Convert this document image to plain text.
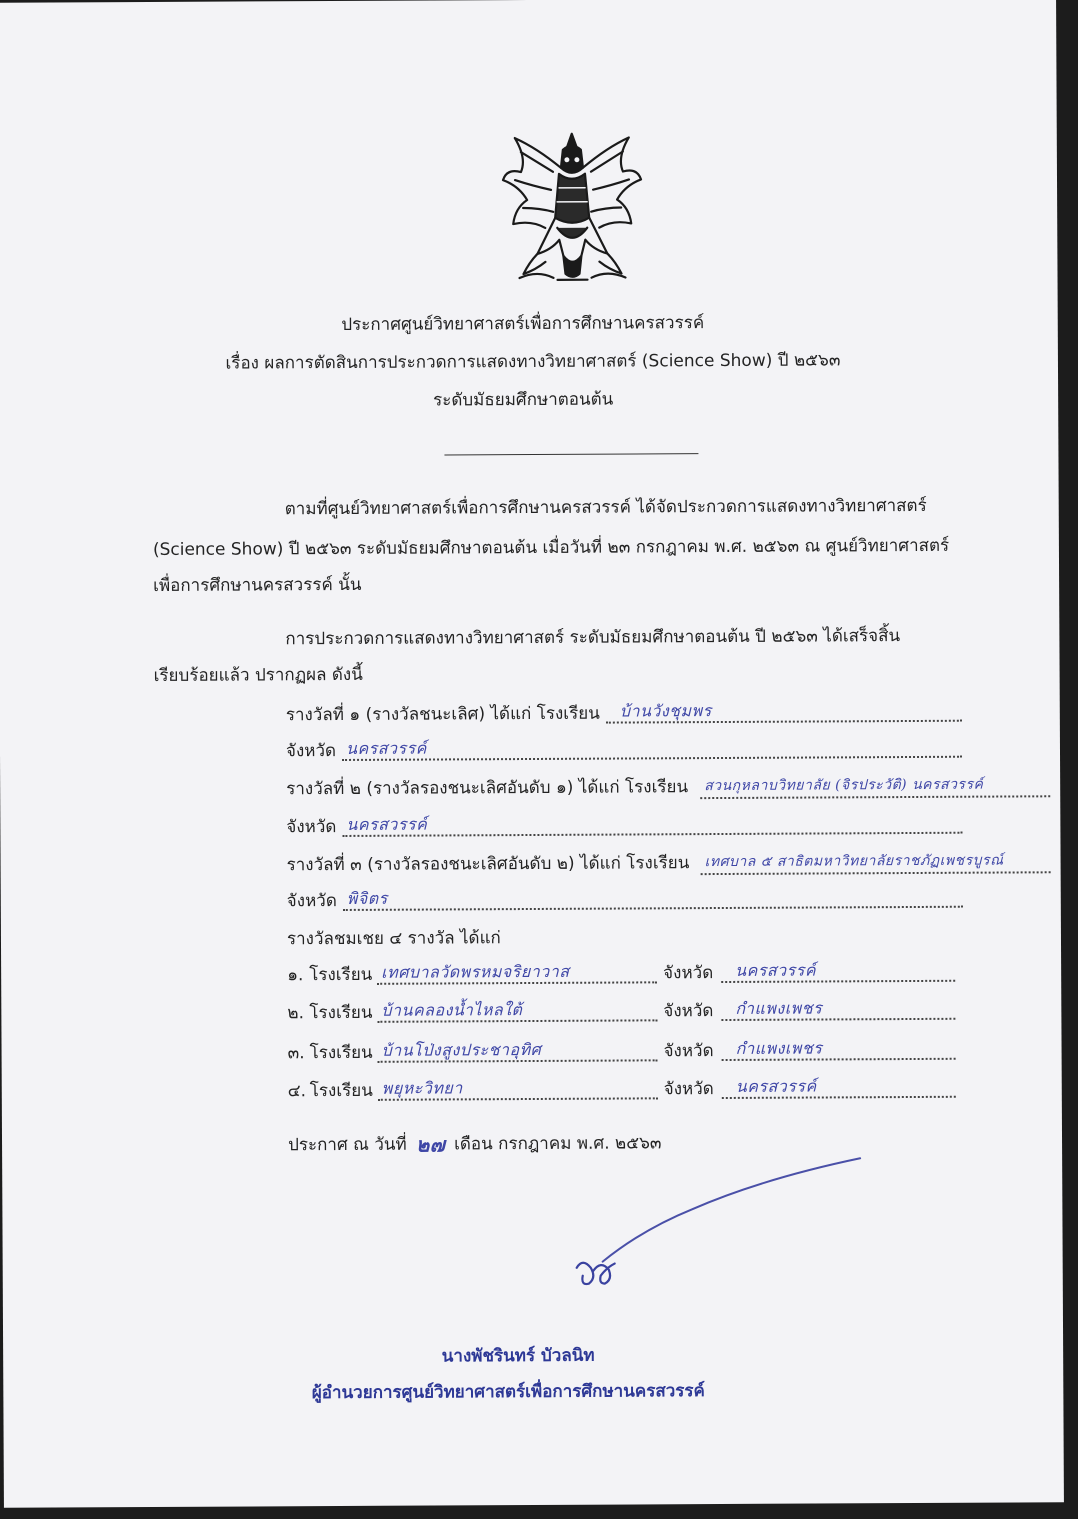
ประกาศศูนย์วิทยาศาสตร์เพื่อการศึกษานครสวรรค์
เรื่อง ผลการตัดสินการประกวดการแสดงทางวิทยาศาสตร์ (Science Show) ปี ๒๕๖๓
ระดับมัธยมศึกษาตอนต้น
ตามที่ศูนย์วิทยาศาสตร์เพื่อการศึกษานครสวรรค์ ได้จัดประกวดการแสดงทางวิทยาศาสตร์
(Science Show) ปี ๒๕๖๓ ระดับมัธยมศึกษาตอนต้น เมื่อวันที่ ๒๓ กรกฎาคม พ.ศ. ๒๕๖๓ ณ ศูนย์วิทยาศาสตร์
เพื่อการศึกษานครสวรรค์ นั้น
การประกวดการแสดงทางวิทยาศาสตร์ ระดับมัธยมศึกษาตอนต้น ปี ๒๕๖๓ ได้เสร็จสิ้น
เรียบร้อยแล้ว ปรากฏผล ดังนี้
รางวัลที่ ๑ (รางวัลชนะเลิศ) ได้แก่ โรงเรียน บ้านวังชุมพร
จังหวัด นครสวรรค์
รางวัลที่ ๒ (รางวัลรองชนะเลิศอันดับ ๑) ได้แก่ โรงเรียน สวนกุหลาบวิทยาลัย (จิรประวัติ) นครสวรรค์
จังหวัด นครสวรรค์
รางวัลที่ ๓ (รางวัลรองชนะเลิศอันดับ ๒) ได้แก่ โรงเรียน เทศบาล ๕ สาธิตมหาวิทยาลัยราชภัฏเพชรบูรณ์
จังหวัด พิจิตร
รางวัลชมเชย ๔ รางวัล ได้แก่
๑. โรงเรียน เทศบาลวัดพรหมจริยาวาส	จังหวัด นครสวรรค์
๒. โรงเรียน บ้านคลองน้ำไหลใต้	จังหวัด กำแพงเพชร
๓. โรงเรียน บ้านโป่งสูงประชาอุทิศ	จังหวัด กำแพงเพชร
๔. โรงเรียน พยุหะวิทยา	จังหวัด นครสวรรค์
ประกาศ ณ วันที่ ๒๗ เดือน กรกฎาคม พ.ศ. ๒๕๖๓
นางพัชรินทร์ บัวลนิท
ผู้อำนวยการศูนย์วิทยาศาสตร์เพื่อการศึกษานครสวรรค์
